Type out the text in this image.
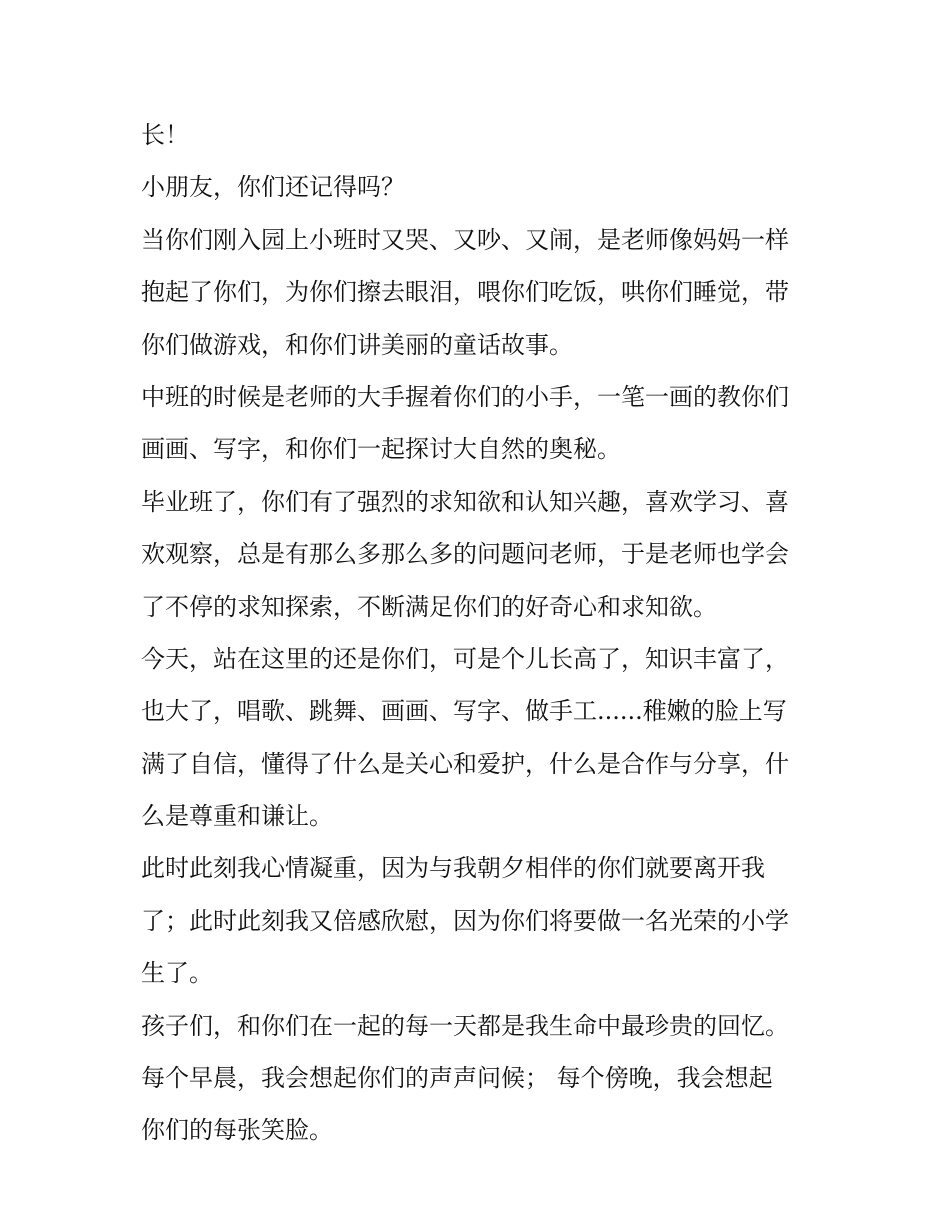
长！
小朋友，你们还记得吗？
当你们刚入园上小班时又哭、又吵、又闹，是老师像妈妈一样
抱起了你们，为你们擦去眼泪，喂你们吃饭，哄你们睡觉，带
你们做游戏，和你们讲美丽的童话故事。
中班的时候是老师的大手握着你们的小手，一笔一画的教你们
画画、写字，和你们一起探讨大自然的奥秘。
毕业班了，你们有了强烈的求知欲和认知兴趣，喜欢学习、喜
欢观察，总是有那么多那么多的问题问老师，于是老师也学会
了不停的求知探索，不断满足你们的好奇心和求知欲。
今天，站在这里的还是你们，可是个儿长高了，知识丰富了，
也大了，唱歌、跳舞、画画、写字、做手工......稚嫩的脸上写
满了自信，懂得了什么是关心和爱护，什么是合作与分享，什
么是尊重和谦让。
此时此刻我心情凝重，因为与我朝夕相伴的你们就要离开我
了；此时此刻我又倍感欣慰，因为你们将要做一名光荣的小学
生了。
孩子们，和你们在一起的每一天都是我生命中最珍贵的回忆。
每个早晨，我会想起你们的声声问候； 每个傍晚，我会想起
你们的每张笑脸。
